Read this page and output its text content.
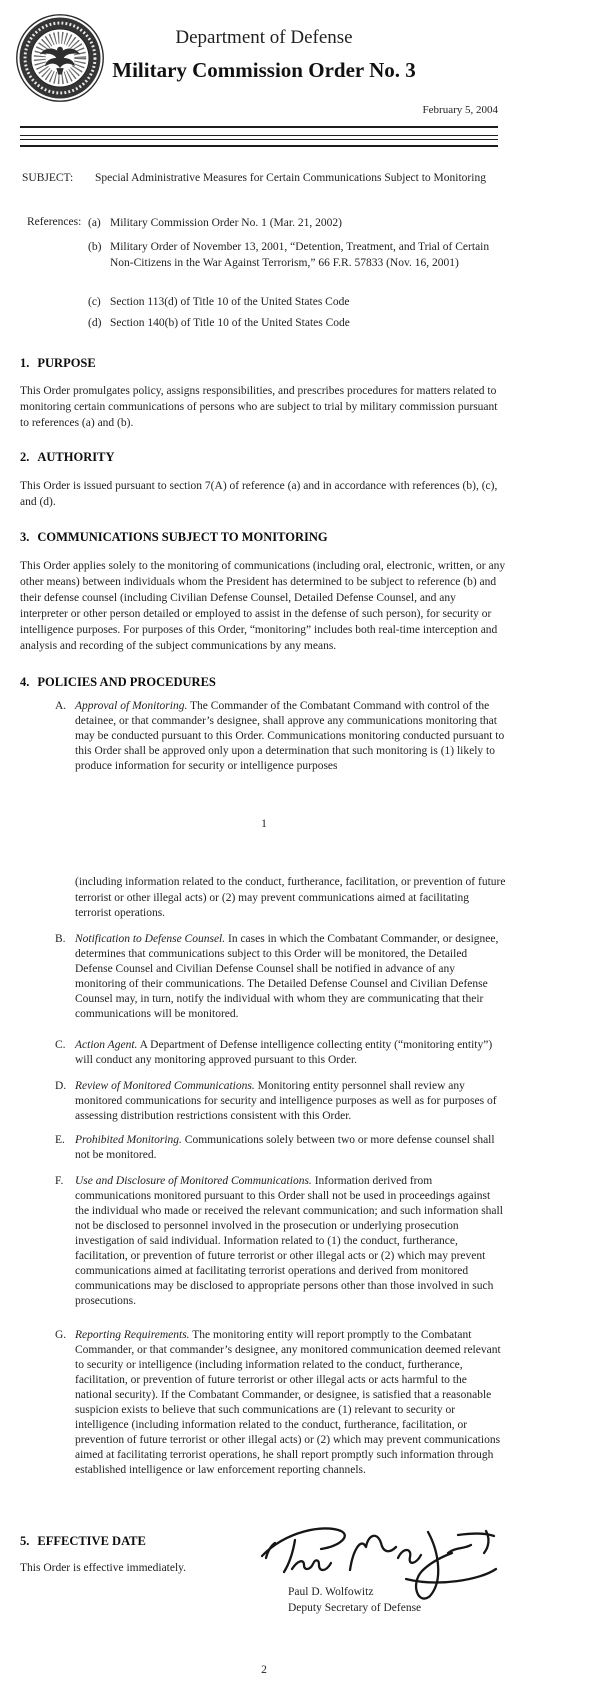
Department of Defense
Military Commission Order No. 3
February 5, 2004
SUBJECT:	Special Administrative Measures for Certain Communications Subject to Monitoring
References: (a) Military Commission Order No. 1 (Mar. 21, 2002)
(b) Military Order of November 13, 2001, “Detention, Treatment, and Trial of Certain Non-Citizens in the War Against Terrorism,” 66 F.R. 57833 (Nov. 16, 2001)
(c) Section 113(d) of Title 10 of the United States Code
(d) Section 140(b) of Title 10 of the United States Code
1. PURPOSE
This Order promulgates policy, assigns responsibilities, and prescribes procedures for matters related to monitoring certain communications of persons who are subject to trial by military commission pursuant to references (a) and (b).
2. AUTHORITY
This Order is issued pursuant to section 7(A) of reference (a) and in accordance with references (b), (c), and (d).
3. COMMUNICATIONS SUBJECT TO MONITORING
This Order applies solely to the monitoring of communications (including oral, electronic, written, or any other means) between individuals whom the President has determined to be subject to reference (b) and their defense counsel (including Civilian Defense Counsel, Detailed Defense Counsel, and any interpreter or other person detailed or employed to assist in the defense of such person), for security or intelligence purposes. For purposes of this Order, “monitoring” includes both real-time interception and analysis and recording of the subject communications by any means.
4. POLICIES AND PROCEDURES
A. Approval of Monitoring. The Commander of the Combatant Command with control of the detainee, or that commander’s designee, shall approve any communications monitoring that may be conducted pursuant to this Order. Communications monitoring conducted pursuant to this Order shall be approved only upon a determination that such monitoring is (1) likely to produce information for security or intelligence purposes
1
(including information related to the conduct, furtherance, facilitation, or prevention of future terrorist or other illegal acts) or (2) may prevent communications aimed at facilitating terrorist operations.
B. Notification to Defense Counsel. In cases in which the Combatant Commander, or designee, determines that communications subject to this Order will be monitored, the Detailed Defense Counsel and Civilian Defense Counsel shall be notified in advance of any monitoring of their communications. The Detailed Defense Counsel and Civilian Defense Counsel may, in turn, notify the individual with whom they are communicating that their communications will be monitored.
C. Action Agent. A Department of Defense intelligence collecting entity (“monitoring entity”) will conduct any monitoring approved pursuant to this Order.
D. Review of Monitored Communications. Monitoring entity personnel shall review any monitored communications for security and intelligence purposes as well as for purposes of assessing distribution restrictions consistent with this Order.
E. Prohibited Monitoring. Communications solely between two or more defense counsel shall not be monitored.
F.	Use and Disclosure of Monitored Communications. Information derived from communications monitored pursuant to this Order shall not be used in proceedings against the individual who made or received the relevant communication; and such information shall not be disclosed to personnel involved in the prosecution or underlying prosecution investigation of said individual. Information related to (1) the conduct, furtherance, facilitation, or prevention of future terrorist or other illegal acts or (2) which may prevent communications aimed at facilitating terrorist operations and derived from monitored communications may be disclosed to appropriate persons other than those involved in such prosecutions.
G. Reporting Requirements. The monitoring entity will report promptly to the Combatant Commander, or that commander’s designee, any monitored communication deemed relevant to security or intelligence (including information related to the conduct, furtherance, facilitation, or prevention of future terrorist or other illegal acts or acts harmful to the national security). If the Combatant Commander, or designee, is satisfied that a reasonable suspicion exists to believe that such communications are (1) relevant to security or intelligence (including information related to the conduct, furtherance, facilitation, or prevention of future terrorist or other illegal acts) or (2) which may prevent communications aimed at facilitating terrorist operations, he shall report promptly such information through established intelligence or law enforcement reporting channels.
5. EFFECTIVE DATE
This Order is effective immediately.
Paul D. Wolfowitz
Deputy Secretary of Defense
2
